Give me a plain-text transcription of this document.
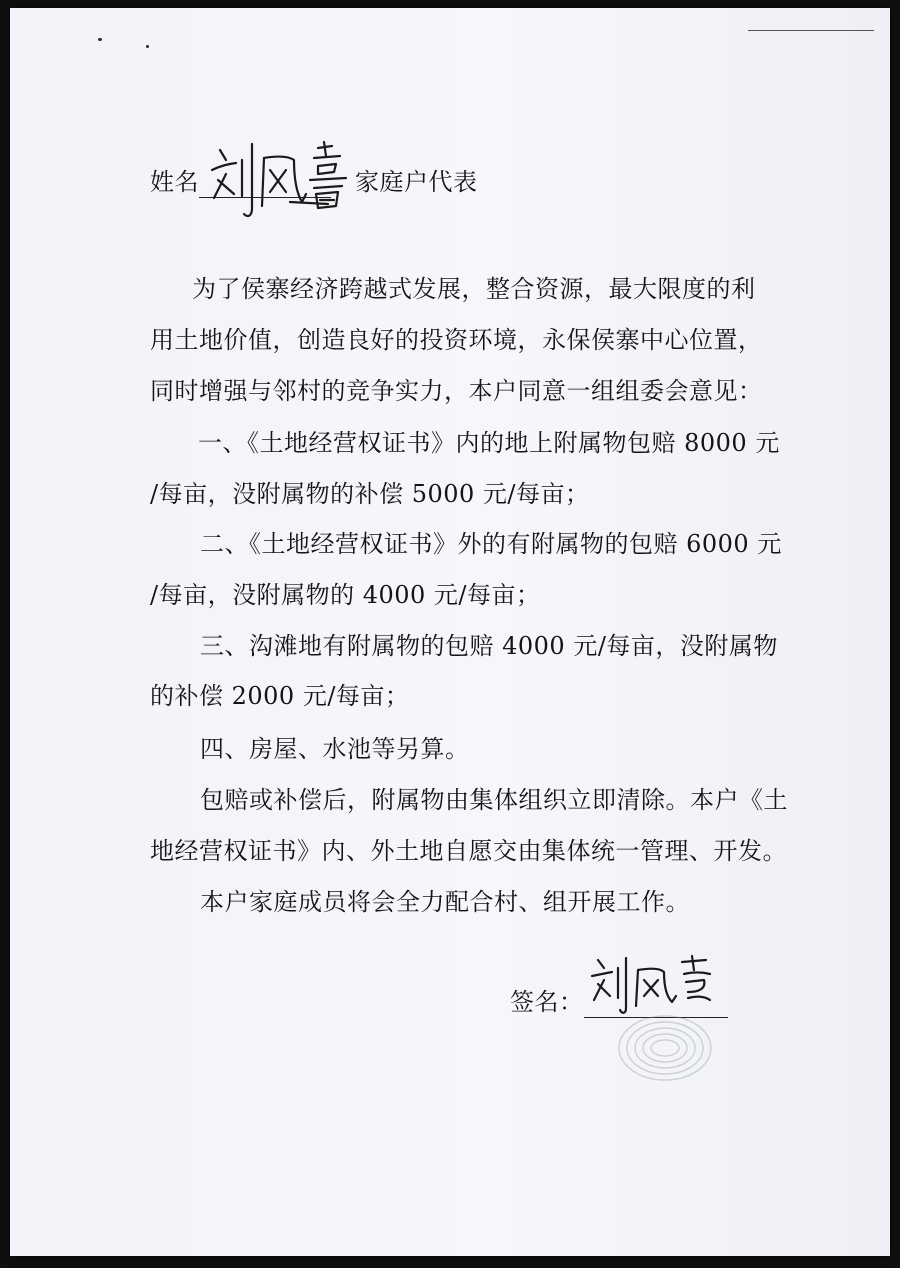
姓名	家庭户代表
为了侯寨经济跨越式发展，整合资源，最大限度的利
用土地价值，创造良好的投资环境，永保侯寨中心位置，
同时增强与邻村的竞争实力，本户同意一组组委会意见：
一、《土地经营权证书》内的地上附属物包赔 8000 元
/每亩，没附属物的补偿 5000 元/每亩；
二、《土地经营权证书》外的有附属物的包赔 6000 元
/每亩，没附属物的 4000 元/每亩；
三、沟滩地有附属物的包赔 4000 元/每亩，没附属物
的补偿 2000 元/每亩；
四、房屋、水池等另算。
包赔或补偿后，附属物由集体组织立即清除。本户《土
地经营权证书》内、外土地自愿交由集体统一管理、开发。
本户家庭成员将会全力配合村、组开展工作。
签名：
